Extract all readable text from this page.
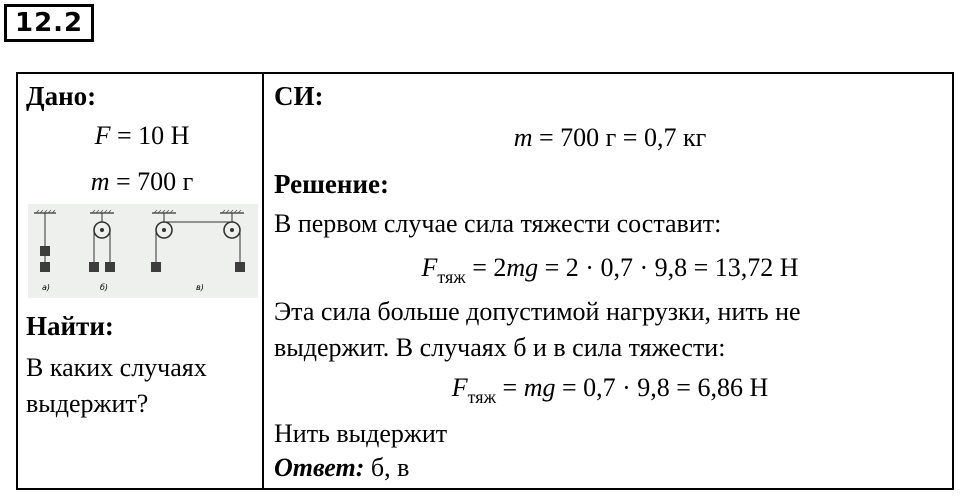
12.2
Дано:
F = 10 Н
m = 700 г
а)	б)	в)
Найти:
В каких случаях
выдержит?
СИ:
m = 700 г = 0,7 кг
Решение:
В первом случае сила тяжести составит:
$F_{тяж} = 2mg = 2 \cdot 0,7 \cdot 9,8 = 13,72$ Н
Эта сила больше допустимой нагрузки, нить не
выдержит. В случаях б и в сила тяжести:
$F_{тяж}$ = mg = 0,7 · 9,8 = 6,86 Н
Нить выдержит
Ответ: б, в
